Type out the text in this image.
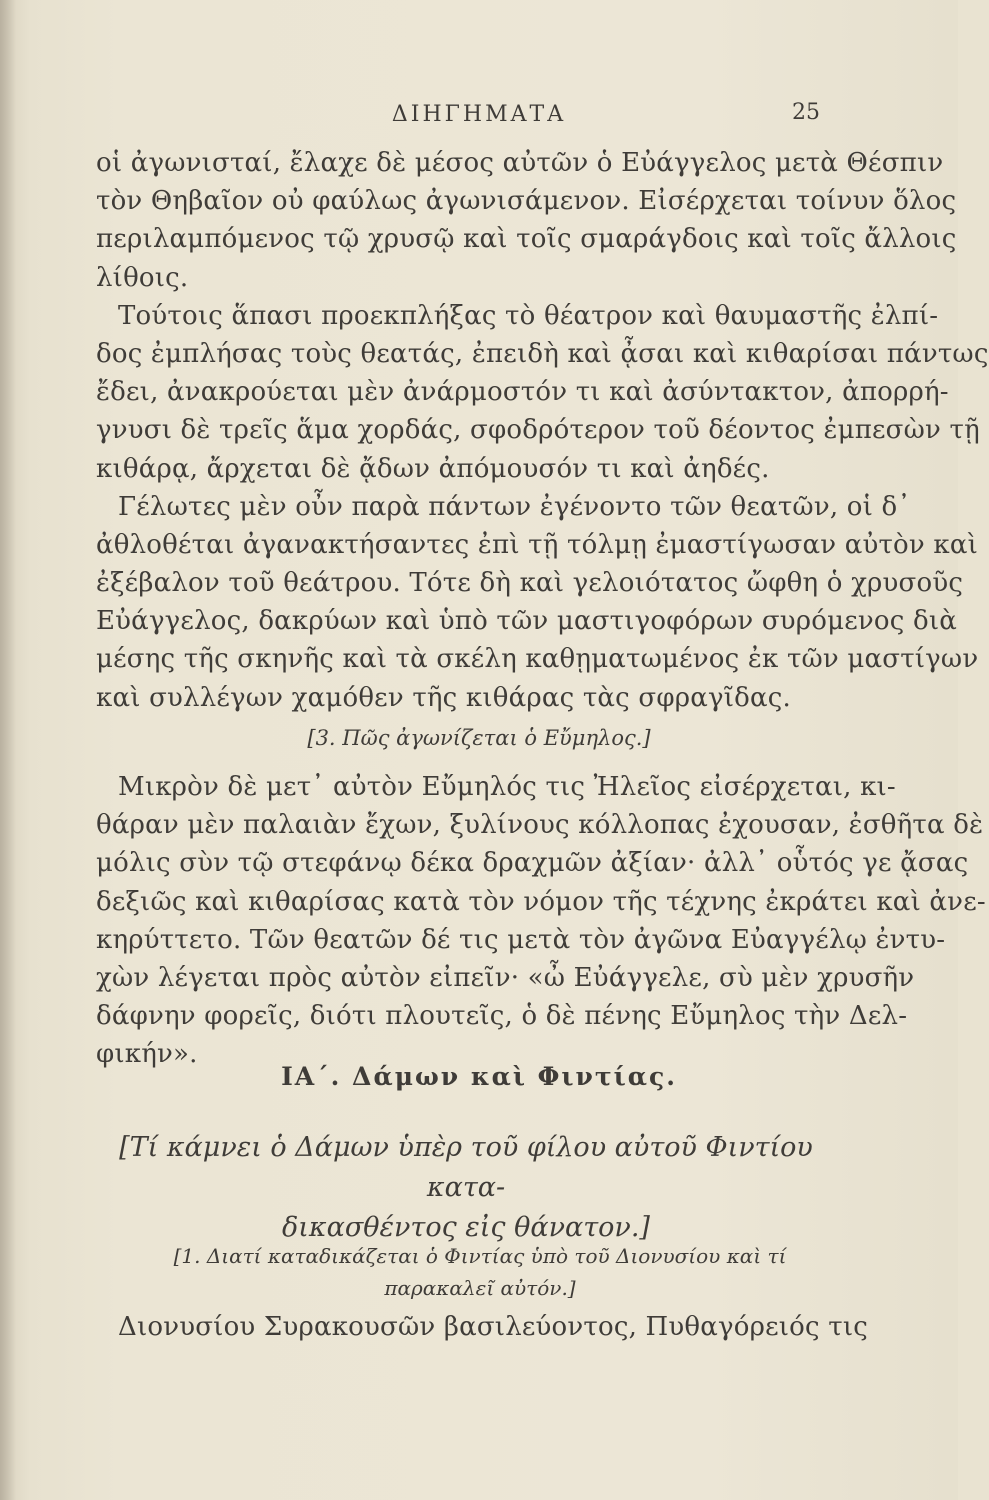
ΔΙΗΓΗΜΑΤΑ	25
οἱ ἀγωνισταί, ἔλαχε δὲ μέσος αὐτῶν ὁ Εὐάγγελος μετὰ Θέσπιν
τὸν Θηβαῖον οὐ φαύλως ἀγωνισάμενον. Εἰσέρχεται τοίνυν ὅλος
περιλαμπόμενος τῷ χρυσῷ καὶ τοῖς σμαράγδοις καὶ τοῖς ἄλλοις
λίθοις.
Τούτοις ἅπασι προεκπλήξας τὸ θέατρον καὶ θαυμαστῆς ἐλπί-
δος ἐμπλήσας τοὺς θεατάς, ἐπειδὴ καὶ ᾆσαι καὶ κιθαρίσαι πάντως
ἔδει, ἀνακρούεται μὲν ἀνάρμοστόν τι καὶ ἀσύντακτον, ἀπορρή-
γνυσι δὲ τρεῖς ἅμα χορδάς, σφοδρότερον τοῦ δέοντος ἐμπεσὼν τῇ
κιθάρᾳ, ἄρχεται δὲ ᾄδων ἀπόμουσόν τι καὶ ἀηδές.
Γέλωτες μὲν οὖν παρὰ πάντων ἐγένοντο τῶν θεατῶν, οἱ δ᾽
ἀθλοθέται ἀγανακτήσαντες ἐπὶ τῇ τόλμῃ ἐμαστίγωσαν αὐτὸν καὶ
ἐξέβαλον τοῦ θεάτρου. Τότε δὴ καὶ γελοιότατος ὤφθη ὁ χρυσοῦς
Εὐάγγελος, δακρύων καὶ ὑπὸ τῶν μαστιγοφόρων συρόμενος διὰ
μέσης τῆς σκηνῆς καὶ τὰ σκέλη καθῃματωμένος ἐκ τῶν μαστίγων
καὶ συλλέγων χαμόθεν τῆς κιθάρας τὰς σφραγῖδας.
[3. Πῶς ἀγωνίζεται ὁ Εὔμηλος.]
Μικρὸν δὲ μετ᾽ αὐτὸν Εὔμηλός τις Ἠλεῖος εἰσέρχεται, κι-
θάραν μὲν παλαιὰν ἔχων, ξυλίνους κόλλοπας ἐχουσαν, ἐσθῆτα δὲ
μόλις σὺν τῷ στεφάνῳ δέκα δραχμῶν ἀξίαν· ἀλλ᾽ οὗτός γε ᾄσας
δεξιῶς καὶ κιθαρίσας κατὰ τὸν νόμον τῆς τέχνης ἐκράτει καὶ ἀνε-
κηρύττετο. Τῶν θεατῶν δέ τις μετὰ τὸν ἀγῶνα Εὐαγγέλῳ ἐντυ-
χὼν λέγεται πρὸς αὐτὸν εἰπεῖν· «ὦ Εὐάγγελε, σὺ μὲν χρυσῆν
δάφνην φορεῖς, διότι πλουτεῖς, ὁ δὲ πένης Εὔμηλος τὴν Δελ-
φικήν».
ΙΑ΄. Δάμων καὶ Φιντίας.
[Τί κάμνει ὁ Δάμων ὑπὲρ τοῦ φίλου αὐτοῦ Φιντίου κατα-
δικασθέντος εἰς θάνατον.]
[1. Διατί καταδικάζεται ὁ Φιντίας ὑπὸ τοῦ Διονυσίου καὶ τί
παρακαλεῖ αὐτόν.]
Διονυσίου Συρακουσῶν βασιλεύοντος, Πυθαγόρειός τις
